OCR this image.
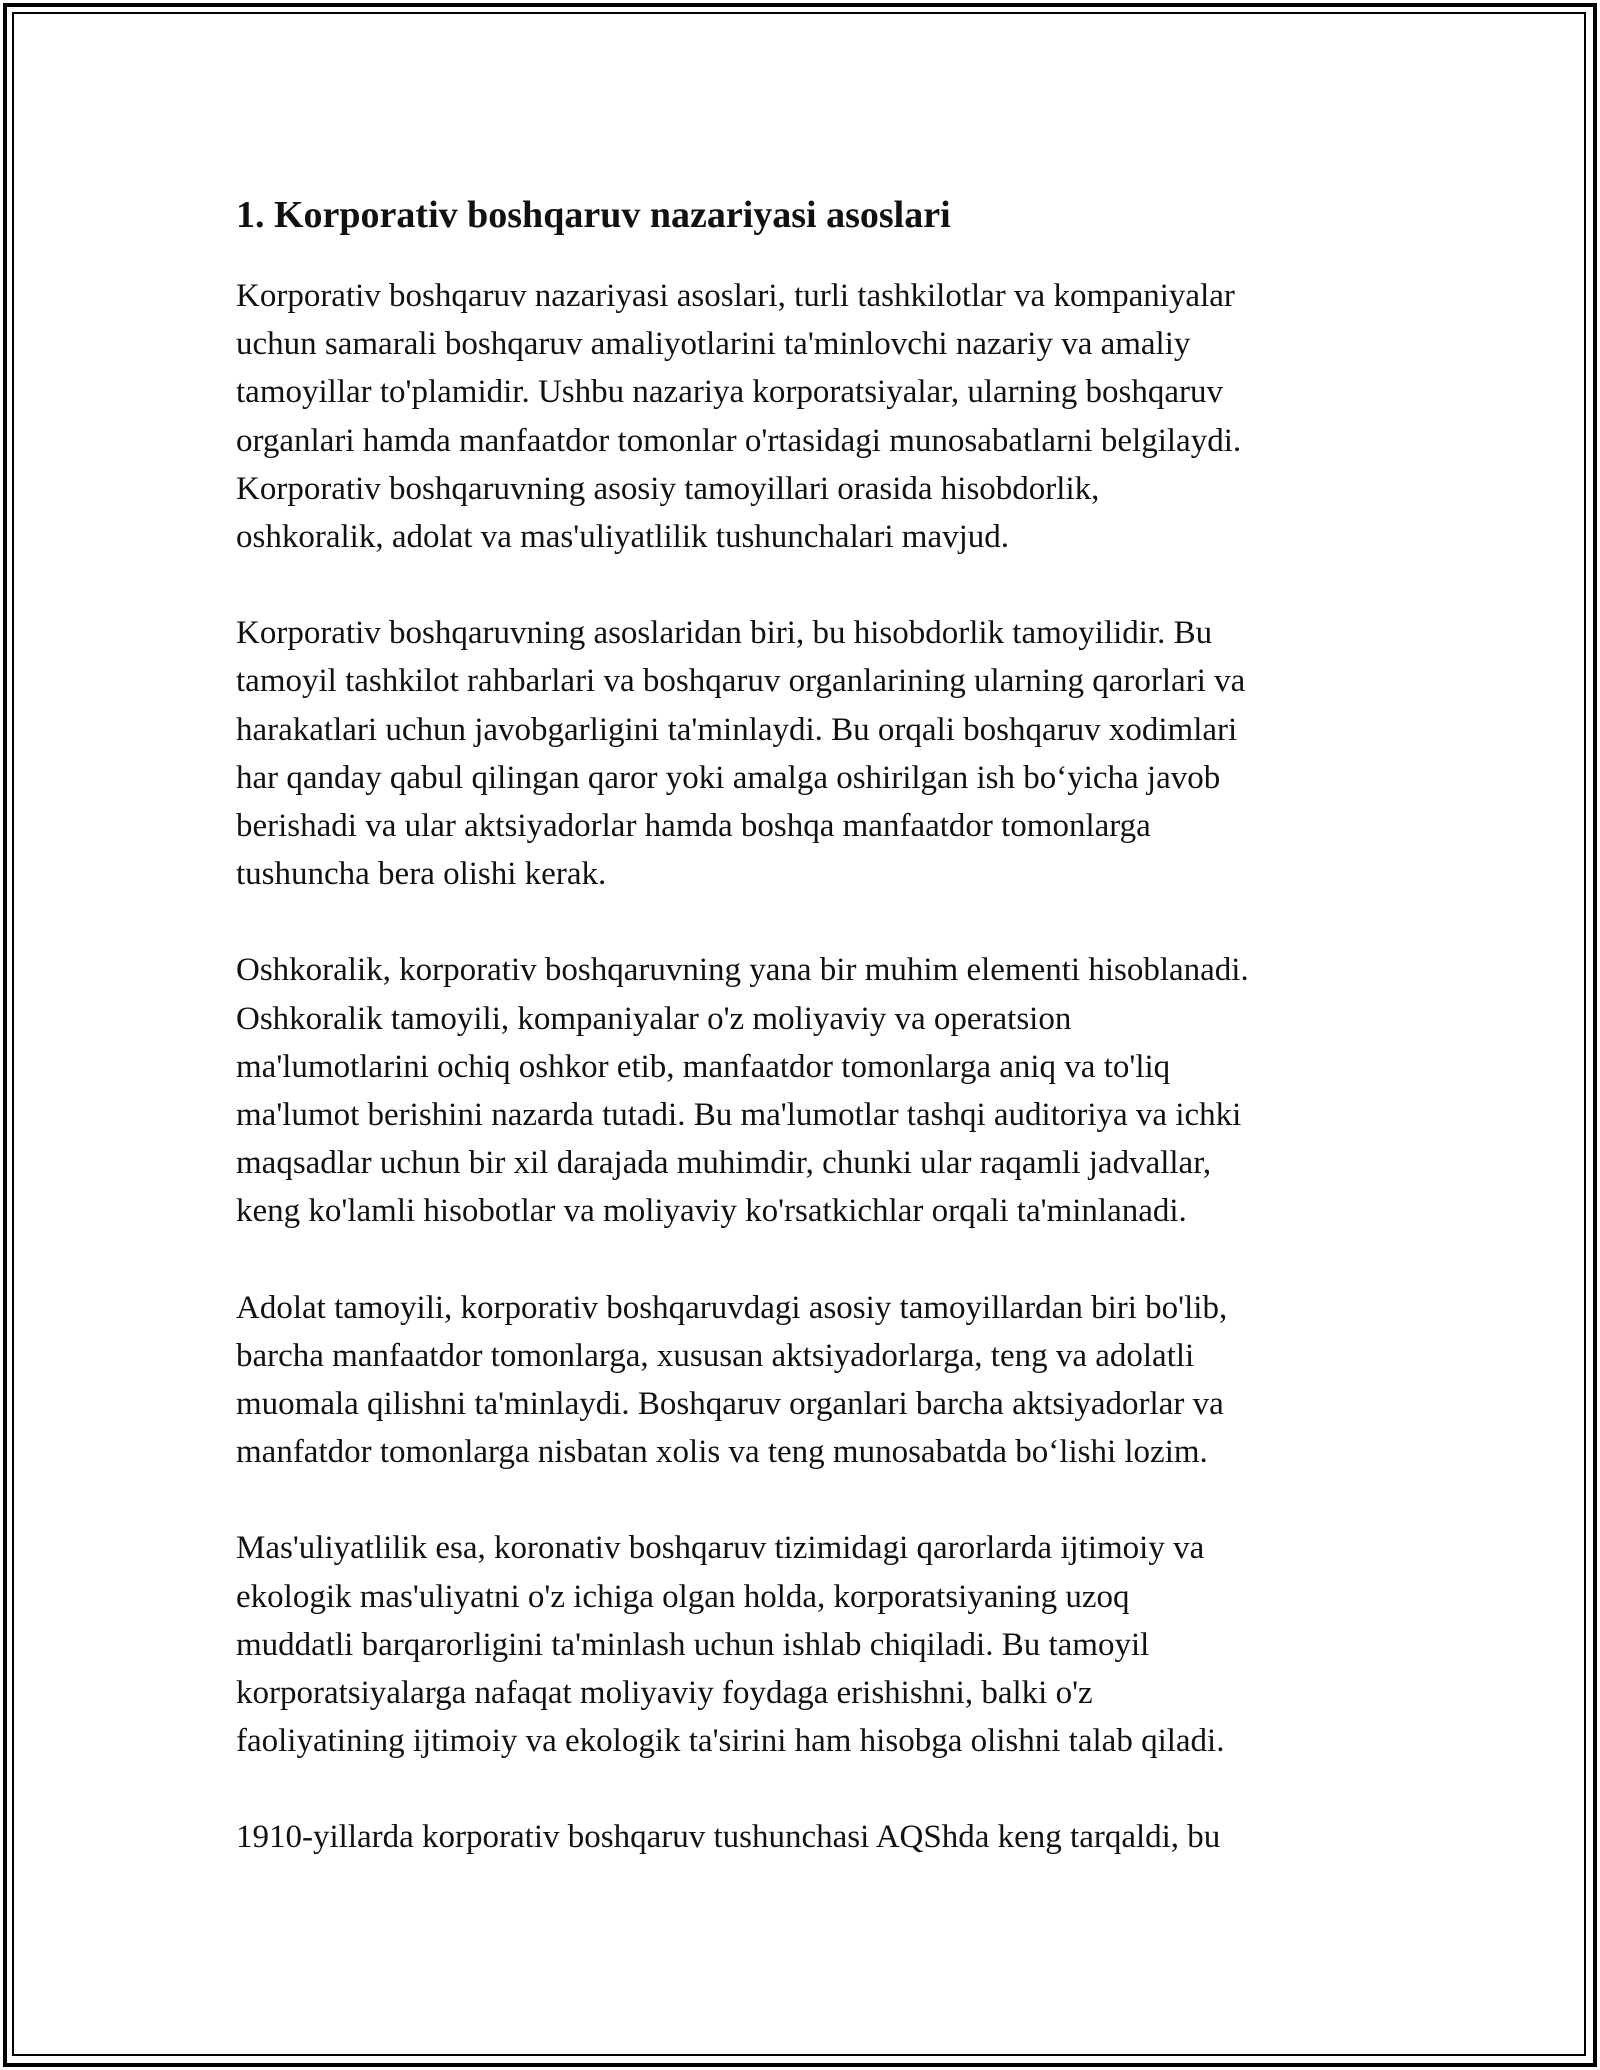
1. Korporativ boshqaruv nazariyasi asoslari

Korporativ boshqaruv nazariyasi asoslari, turli tashkilotlar va kompaniyalar
uchun samarali boshqaruv amaliyotlarini ta'minlovchi nazariy va amaliy
tamoyillar to'plamidir. Ushbu nazariya korporatsiyalar, ularning boshqaruv
organlari hamda manfaatdor tomonlar o'rtasidagi munosabatlarni belgilaydi.
Korporativ boshqaruvning asosiy tamoyillari orasida hisobdorlik,
oshkoralik, adolat va mas'uliyatlilik tushunchalari mavjud.

Korporativ boshqaruvning asoslaridan biri, bu hisobdorlik tamoyilidir. Bu
tamoyil tashkilot rahbarlari va boshqaruv organlarining ularning qarorlari va
harakatlari uchun javobgarligini ta'minlaydi. Bu orqali boshqaruv xodimlari
har qanday qabul qilingan qaror yoki amalga oshirilgan ish bo‘yicha javob
berishadi va ular aktsiyadorlar hamda boshqa manfaatdor tomonlarga
tushuncha bera olishi kerak.

Oshkoralik, korporativ boshqaruvning yana bir muhim elementi hisoblanadi.
Oshkoralik tamoyili, kompaniyalar o'z moliyaviy va operatsion
ma'lumotlarini ochiq oshkor etib, manfaatdor tomonlarga aniq va to'liq
ma'lumot berishini nazarda tutadi. Bu ma'lumotlar tashqi auditoriya va ichki
maqsadlar uchun bir xil darajada muhimdir, chunki ular raqamli jadvallar,
keng ko'lamli hisobotlar va moliyaviy ko'rsatkichlar orqali ta'minlanadi.

Adolat tamoyili, korporativ boshqaruvdagi asosiy tamoyillardan biri bo'lib,
barcha manfaatdor tomonlarga, xususan aktsiyadorlarga, teng va adolatli
muomala qilishni ta'minlaydi. Boshqaruv organlari barcha aktsiyadorlar va
manfatdor tomonlarga nisbatan xolis va teng munosabatda bo‘lishi lozim.

Mas'uliyatlilik esa, koronativ boshqaruv tizimidagi qarorlarda ijtimoiy va
ekologik mas'uliyatni o'z ichiga olgan holda, korporatsiyaning uzoq
muddatli barqarorligini ta'minlash uchun ishlab chiqiladi. Bu tamoyil
korporatsiyalarga nafaqat moliyaviy foydaga erishishni, balki o'z
faoliyatining ijtimoiy va ekologik ta'sirini ham hisobga olishni talab qiladi.

1910-yillarda korporativ boshqaruv tushunchasi AQShda keng tarqaldi, bu
